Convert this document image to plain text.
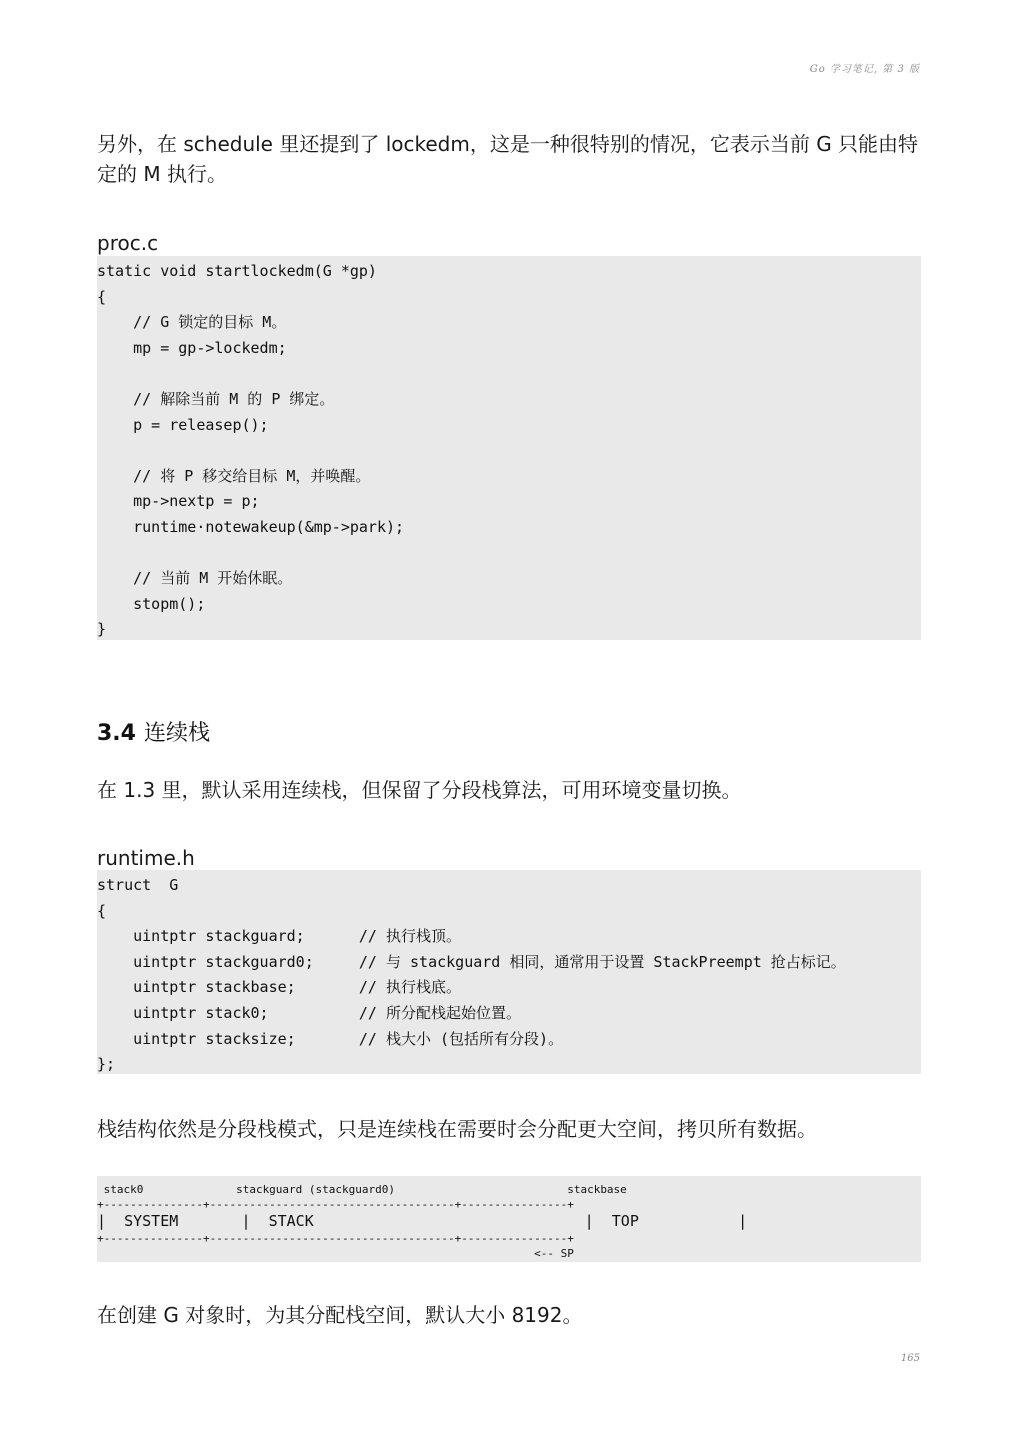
Go 学习笔记, 第 3 版
另外，在 schedule 里还提到了 lockedm，这是一种很特别的情况，它表示当前 G 只能由特定的 M 执行。
proc.c
static void startlockedm(G *gp)
{
// G 锁定的目标 M。
mp = gp->lockedm;
// 解除当前 M 的 P 绑定。
p = releasep();
// 将 P 移交给目标 M，并唤醒。
mp->nextp = p;
runtime·notewakeup(&mp->park);
// 当前 M 开始休眠。
stopm();
}
3.4 连续栈
在 1.3 里，默认采用连续栈，但保留了分段栈算法，可用环境变量切换。
runtime.h
struct  G
{
uintptr stackguard;      // 执行栈顶。
uintptr stackguard0;     // 与 stackguard 相同，通常用于设置 StackPreempt 抢占标记。
uintptr stackbase;       // 执行栈底。
uintptr stack0;          // 所分配栈起始位置。
uintptr stacksize;       // 栈大小 (包括所有分段)。
};
栈结构依然是分段栈模式，只是连续栈在需要时会分配更大空间，拷贝所有数据。
stack0              stackguard (stackguard0)                          stackbase
+---------------+-------------------------------------+----------------+
|  SYSTEM       |  STACK                              |  TOP           |
+---------------+-------------------------------------+----------------+
<-- SP
在创建 G 对象时，为其分配栈空间，默认大小 8192。
165
